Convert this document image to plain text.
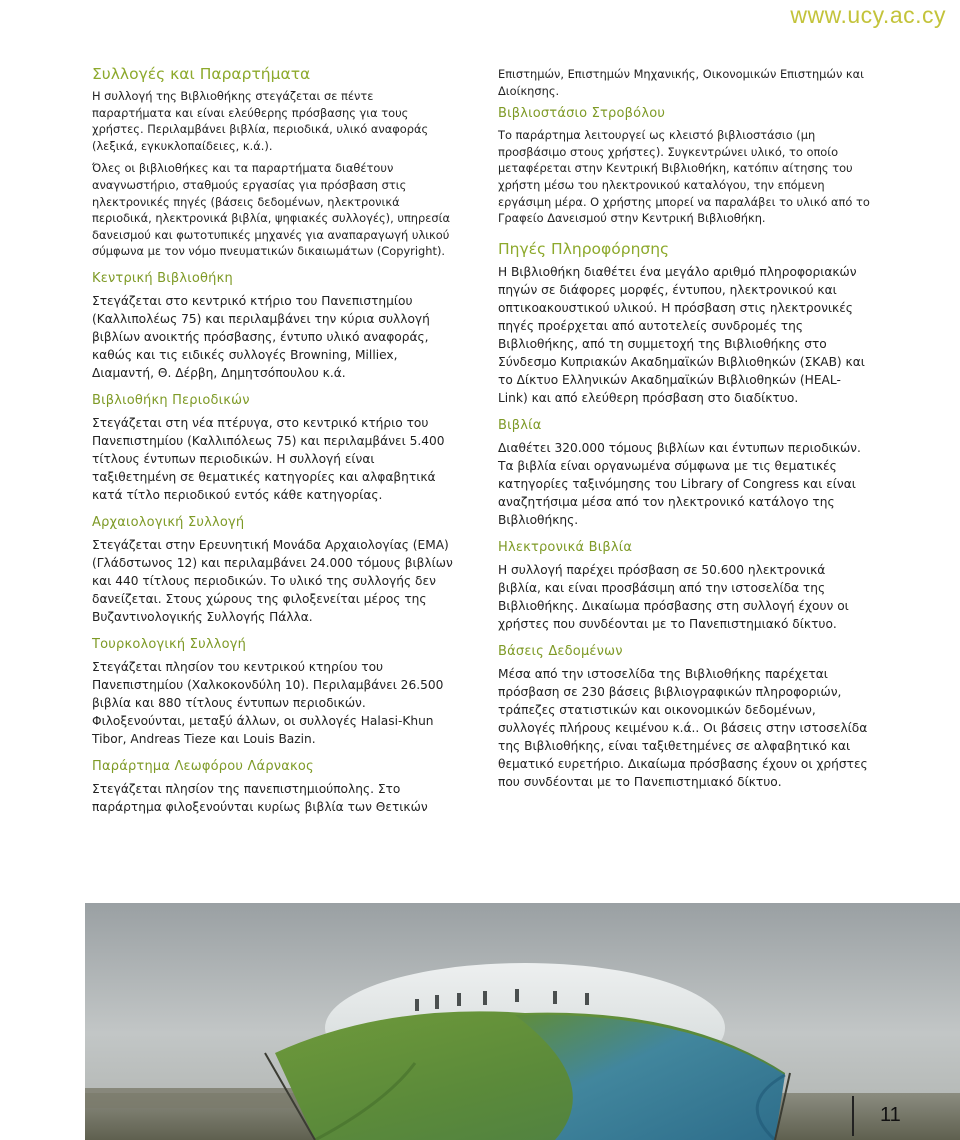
www.ucy.ac.cy
Συλλογές και Παραρτήματα

Η συλλογή της Βιβλιοθήκης στεγάζεται σε πέντε παραρτήματα και είναι ελεύθερης πρόσβασης για τους χρήστες. Περιλαμβάνει βιβλία, περιοδικά, υλικό αναφοράς (λεξικά, εγκυκλοπαίδειες, κ.ά.).

Όλες οι βιβλιοθήκες και τα παραρτήματα διαθέτουν αναγνωστήριο, σταθμούς εργασίας για πρόσβαση στις ηλεκτρονικές πηγές (βάσεις δεδομένων, ηλεκτρονικά περιοδικά, ηλεκτρονικά βιβλία, ψηφιακές συλλογές), υπηρεσία δανεισμού και φωτοτυπικές μηχανές για αναπαραγωγή υλικού σύμφωνα με τον νόμο πνευματικών δικαιωμάτων (Copyright).

Κεντρική Βιβλιοθήκη

Στεγάζεται στο κεντρικό κτήριο του Πανεπιστημίου (Καλλιπολέως 75) και περιλαμβάνει την κύρια συλλογή βιβλίων ανοικτής πρόσβασης, έντυπο υλικό αναφοράς, καθώς και τις ειδικές συλλογές Browning, Milliex, Διαμαντή, Θ. Δέρβη, Δημητσόπουλου κ.ά.

Βιβλιοθήκη Περιοδικών

Στεγάζεται στη νέα πτέρυγα, στο κεντρικό κτήριο του Πανεπιστημίου (Καλλιπόλεως 75) και περιλαμβάνει 5.400 τίτλους έντυπων περιοδικών. Η συλλογή είναι ταξιθετημένη σε θεματικές κατηγορίες και αλφαβητικά κατά τίτλο περιοδικού εντός κάθε κατηγορίας.

Αρχαιολογική Συλλογή

Στεγάζεται στην Ερευνητική Μονάδα Αρχαιολογίας (ΕΜΑ) (Γλάδστωνος 12) και περιλαμβάνει 24.000 τόμους βιβλίων και 440 τίτλους περιοδικών. Το υλικό της συλλογής δεν δανείζεται. Στους χώρους της φιλοξενείται μέρος της Βυζαντινολογικής Συλλογής Πάλλα.

Τουρκολογική Συλλογή

Στεγάζεται πλησίον του κεντρικού κτηρίου του Πανεπιστημίου (Χαλκοκονδύλη 10). Περιλαμβάνει 26.500 βιβλία και 880 τίτλους έντυπων περιοδικών.

Φιλοξενούνται, μεταξύ άλλων, οι συλλογές Halasi-Khun Tibor, Andreas Tieze και Louis Bazin.

Παράρτημα Λεωφόρου Λάρνακος

Στεγάζεται πλησίον της πανεπιστημιούπολης. Στο παράρτημα φιλοξενούνται κυρίως βιβλία των Θετικών

Επιστημών, Επιστημών Μηχανικής, Οικονομικών Επιστημών και Διοίκησης.

Βιβλιοστάσιο Στροβόλου

Το παράρτημα λειτουργεί ως κλειστό βιβλιοστάσιο (μη προσβάσιμο στους χρήστες). Συγκεντρώνει υλικό, το οποίο μεταφέρεται στην Κεντρική Βιβλιοθήκη, κατόπιν αίτησης του χρήστη μέσω του ηλεκτρονικού καταλόγου, την επόμενη εργάσιμη μέρα. Ο χρήστης μπορεί να παραλάβει το υλικό από το Γραφείο Δανεισμού στην Κεντρική Βιβλιοθήκη.

Πηγές Πληροφόρησης

Η Βιβλιοθήκη διαθέτει ένα μεγάλο αριθμό πληροφοριακών πηγών σε διάφορες μορφές, έντυπου, ηλεκτρονικού και οπτικοακουστικού υλικού. Η πρόσβαση στις ηλεκτρονικές πηγές προέρχεται από αυτοτελείς συνδρομές της Βιβλιοθήκης, από τη συμμετοχή της Βιβλιοθήκης στο Σύνδεσμο Κυπριακών Ακαδημαϊκών Βιβλιοθηκών (ΣΚΑΒ) και το Δίκτυο Ελληνικών Ακαδημαϊκών Βιβλιοθηκών (HEAL-Link) και από ελεύθερη πρόσβαση στο διαδίκτυο.

Βιβλία

Διαθέτει 320.000 τόμους βιβλίων και έντυπων περιοδικών. Τα βιβλία είναι οργανωμένα σύμφωνα με τις θεματικές κατηγορίες ταξινόμησης του Library of Congress και είναι αναζητήσιμα μέσα από τον ηλεκτρονικό κατάλογο της Βιβλιοθήκης.

Ηλεκτρονικά Βιβλία

Η συλλογή παρέχει πρόσβαση σε 50.600 ηλεκτρονικά βιβλία, και είναι προσβάσιμη από την ιστοσελίδα της Βιβλιοθήκης. Δικαίωμα πρόσβασης στη συλλογή έχουν οι χρήστες που συνδέονται με το Πανεπιστημιακό δίκτυο.

Βάσεις Δεδομένων

Μέσα από την ιστοσελίδα της Βιβλιοθήκης παρέχεται πρόσβαση σε 230 βάσεις βιβλιογραφικών πληροφοριών, τράπεζες στατιστικών και οικονομικών δεδομένων, συλλογές πλήρους κειμένου κ.ά.. Οι βάσεις στην ιστοσελίδα της Βιβλιοθήκης, είναι ταξιθετημένες σε αλφαβητικό και θεματικό ευρετήριο. Δικαίωμα πρόσβασης έχουν οι χρήστες που συνδέονται με το Πανεπιστημιακό δίκτυο.

11
